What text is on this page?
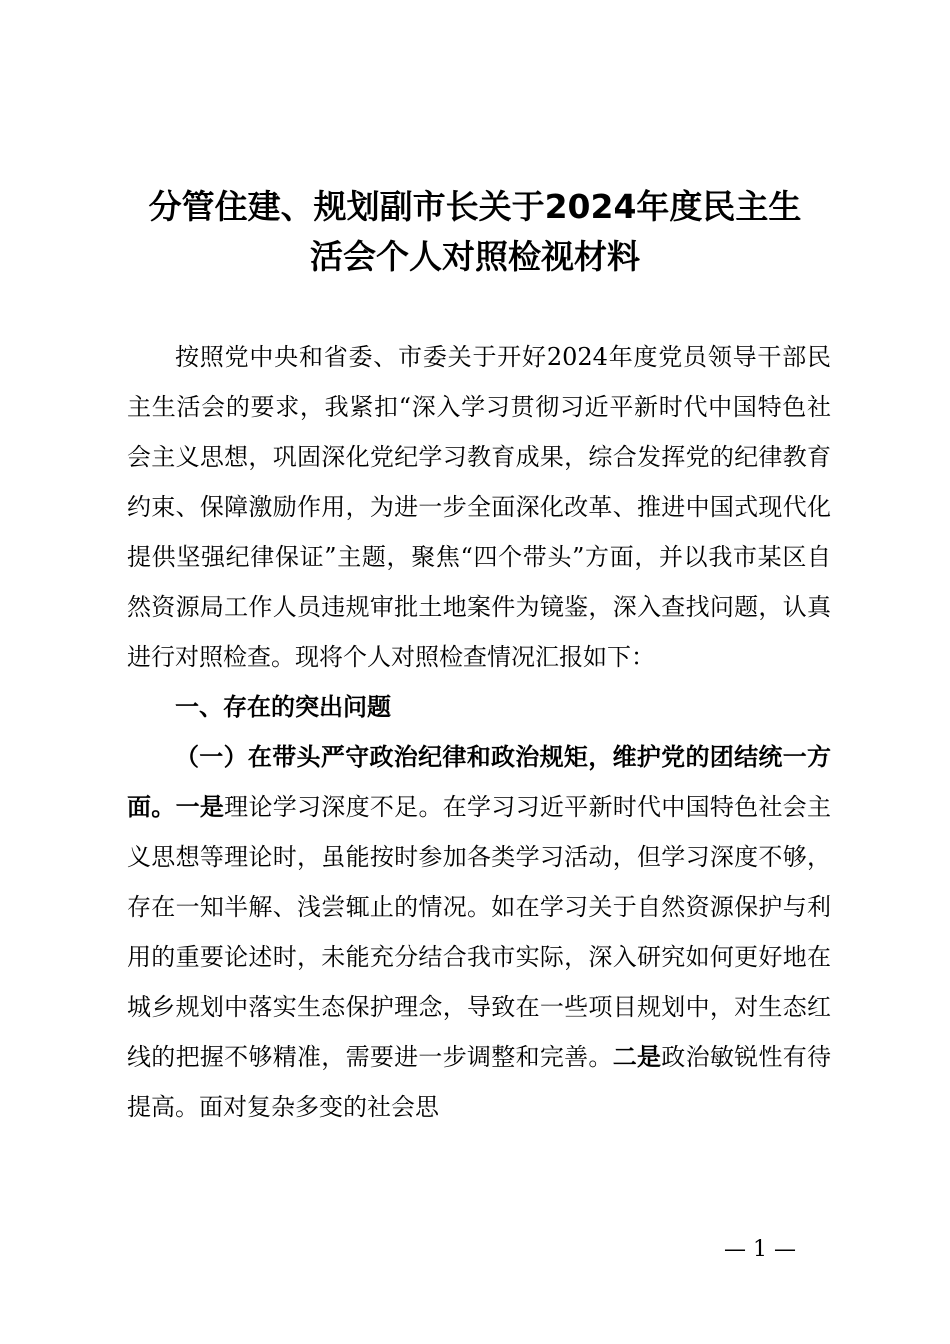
分管住建、规划副市长关于2024年度民主生
活会个人对照检视材料

按照党中央和省委、市委关于开好2024年度党员领导干部民主生活会的要求，我紧扣“深入学习贯彻习近平新时代中国特色社会主义思想，巩固深化党纪学习教育成果，综合发挥党的纪律教育约束、保障激励作用，为进一步全面深化改革、推进中国式现代化提供坚强纪律保证”主题，聚焦“四个带头”方面，并以我市某区自然资源局工作人员违规审批土地案件为镜鉴，深入查找问题，认真进行对照检查。现将个人对照检查情况汇报如下：

一、存在的突出问题

（一）在带头严守政治纪律和政治规矩，维护党的团结统一方面。一是理论学习深度不足。在学习习近平新时代中国特色社会主义思想等理论时，虽能按时参加各类学习活动，但学习深度不够，存在一知半解、浅尝辄止的情况。如在学习关于自然资源保护与利用的重要论述时，未能充分结合我市实际，深入研究如何更好地在城乡规划中落实生态保护理念，导致在一些项目规划中，对生态红线的把握不够精准，需要进一步调整和完善。二是政治敏锐性有待提高。面对复杂多变的社会思

— 1 —
